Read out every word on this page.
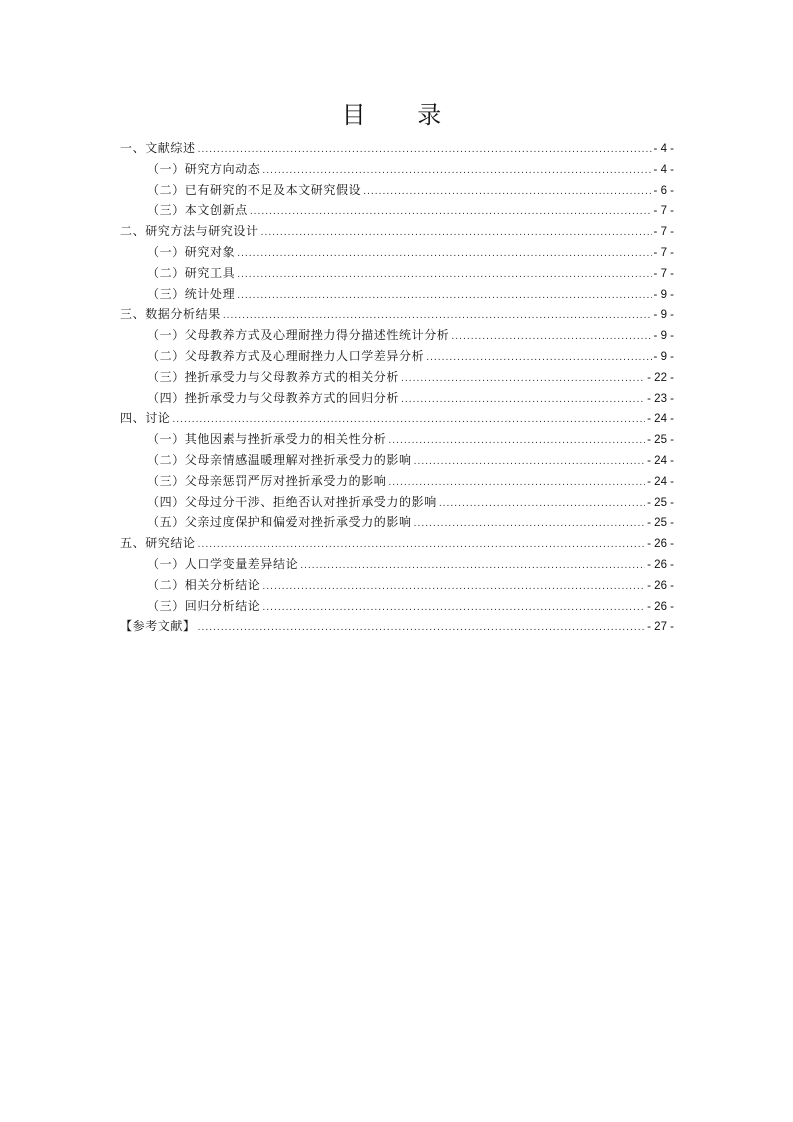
目 录
一、文献综述 .....	- 4 -
（一）研究方向动态 .....	- 4 -
（二）已有研究的不足及本文研究假设 .....	- 6 -
（三）本文创新点 .....	- 7 -
二、研究方法与研究设计 .....	- 7 -
（一）研究对象 .....	- 7 -
（二）研究工具 .....	- 7 -
（三）统计处理 .....	- 9 -
三、数据分析结果 .....	- 9 -
（一）父母教养方式及心理耐挫力得分描述性统计分析 .....	- 9 -
（二）父母教养方式及心理耐挫力人口学差异分析 .....	- 9 -
（三）挫折承受力与父母教养方式的相关分析 .....	- 22 -
（四）挫折承受力与父母教养方式的回归分析 .....	- 23 -
四、讨论 .....	- 24 -
（一）其他因素与挫折承受力的相关性分析 .....	- 25 -
（二）父母亲情感温暖理解对挫折承受力的影响 .....	- 24 -
（三）父母亲惩罚严厉对挫折承受力的影响 .....	- 24 -
（四）父母过分干涉、拒绝否认对挫折承受力的影响 .....	- 25 -
（五）父亲过度保护和偏爱对挫折承受力的影响 .....	- 25 -
五、研究结论 .....	- 26 -
（一）人口学变量差异结论 .....	- 26 -
（二）相关分析结论 .....	- 26 -
（三）回归分析结论 .....	- 26 -
【参考文献】 .....	- 27 -
